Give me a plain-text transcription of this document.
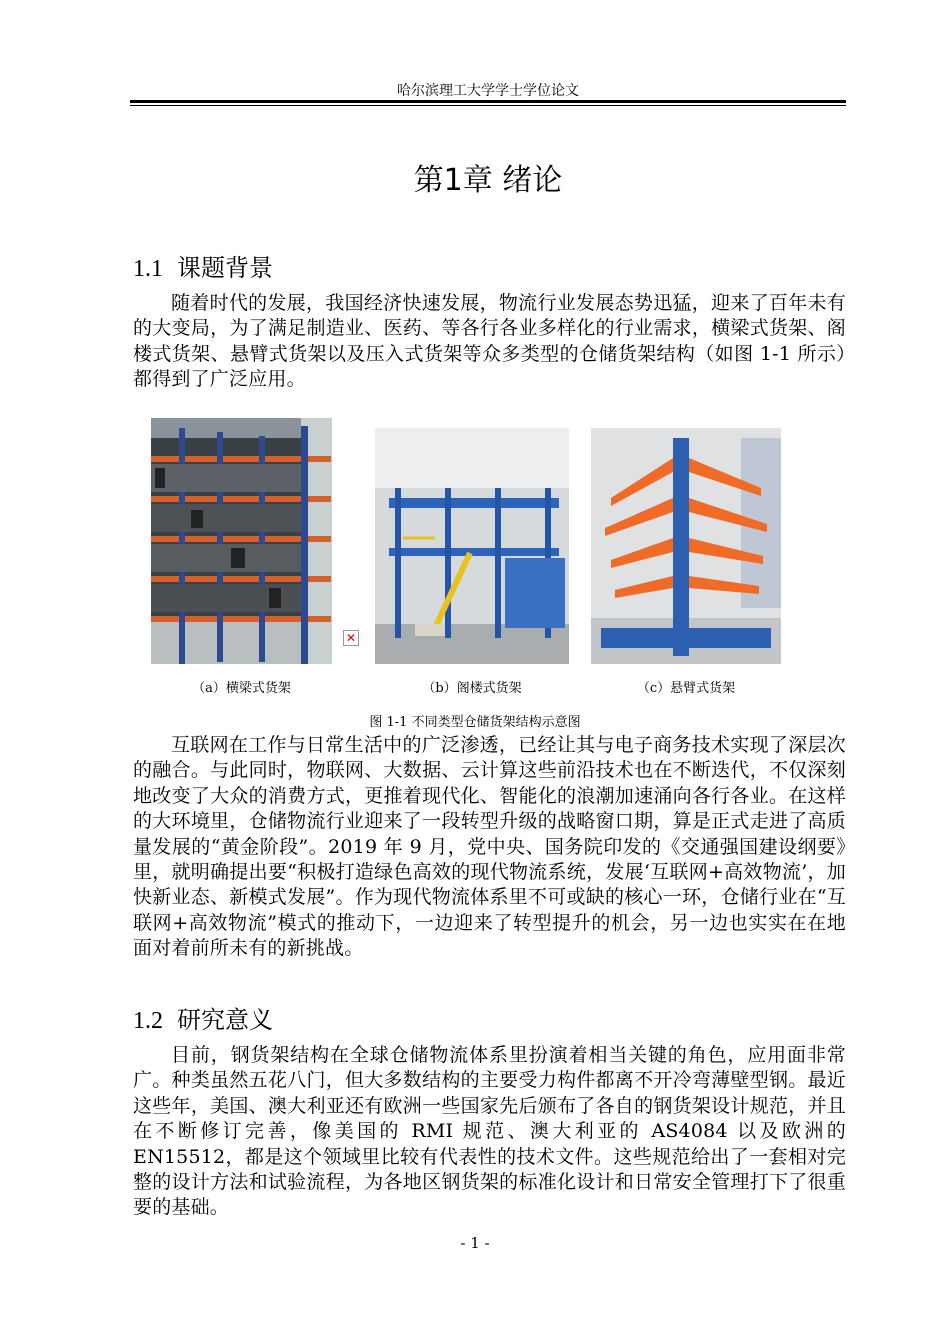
哈尔滨理工大学学士学位论文
第1章 绪论
1.1 课题背景

随着时代的发展，我国经济快速发展，物流行业发展态势迅猛，迎来了百年未有的大变局，为了满足制造业、医药、等各行各业多样化的行业需求，横梁式货架、阁楼式货架、悬臂式货架以及压入式货架等众多类型的仓储货架结构（如图 1-1 所示）都得到了广泛应用。

✕
（a）横梁式货架	（b）阁楼式货架	（c）悬臂式货架
图 1-1 不同类型仓储货架结构示意图

互联网在工作与日常生活中的广泛渗透，已经让其与电子商务技术实现了深层次的融合。与此同时，物联网、大数据、云计算这些前沿技术也在不断迭代，不仅深刻地改变了大众的消费方式，更推着现代化、智能化的浪潮加速涌向各行各业。在这样的大环境里，仓储物流行业迎来了一段转型升级的战略窗口期，算是正式走进了高质量发展的“黄金阶段”。2019 年 9 月，党中央、国务院印发的《交通强国建设纲要》里，就明确提出要“积极打造绿色高效的现代物流系统，发展‘互联网+高效物流’，加快新业态、新模式发展”。作为现代物流体系里不可或缺的核心一环，仓储行业在“互联网+高效物流”模式的推动下，一边迎来了转型提升的机会，另一边也实实在在地面对着前所未有的新挑战。

1.2 研究意义

目前，钢货架结构在全球仓储物流体系里扮演着相当关键的角色，应用面非常广。种类虽然五花八门，但大多数结构的主要受力构件都离不开冷弯薄壁型钢。最近这些年，美国、澳大利亚还有欧洲一些国家先后颁布了各自的钢货架设计规范，并且在不断修订完善，像美国的 RMI 规范、澳大利亚的 AS4084 以及欧洲的 EN15512，都是这个领域里比较有代表性的技术文件。这些规范给出了一套相对完整的设计方法和试验流程，为各地区钢货架的标准化设计和日常安全管理打下了很重要的基础。

- 1 -
